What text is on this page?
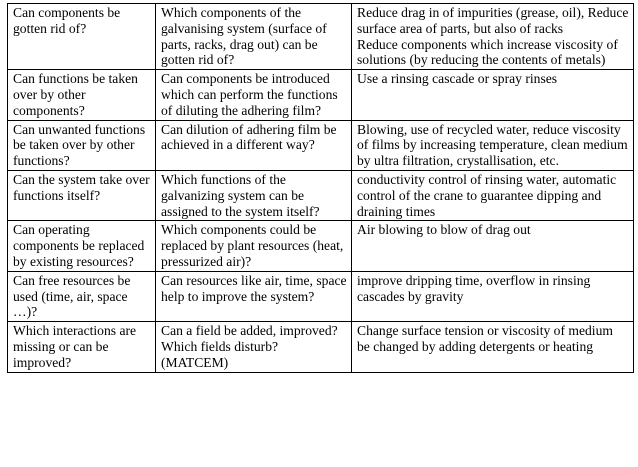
Can components be gotten rid of?	Which components of the galvanising system (surface of parts, racks, drag out) can be gotten rid of?	Reduce drag in of impurities (grease, oil), Reduce surface area of parts, but also of racks
Reduce components which increase viscosity of solutions (by reducing the contents of metals)

Can functions be taken over by other components?	Can components be introduced which can perform the functions of diluting the adhering film?	Use a rinsing cascade or spray rinses

Can unwanted functions be taken over by other functions?	Can dilution of adhering film be achieved in a different way?	Blowing, use of recycled water, reduce viscosity of films by increasing temperature, clean medium by ultra filtration, crystallisation, etc.

Can the system take over functions itself?	Which functions of the galvanizing system can be assigned to the system itself?	conductivity control of rinsing water, automatic control of the crane to guarantee dipping and draining times

Can operating components be replaced by existing resources?	Which components could be replaced by plant resources (heat, pressurized air)?	Air blowing to blow of drag out

Can free resources be used (time, air, space …)?	Can resources like air, time, space help to improve the system?	improve dripping time, overflow in rinsing cascades by gravity

Which interactions are missing or can be improved?	Can a field be added, improved? Which fields disturb? (MATCEM)	Change surface tension or viscosity of medium be changed by adding detergents or heating
